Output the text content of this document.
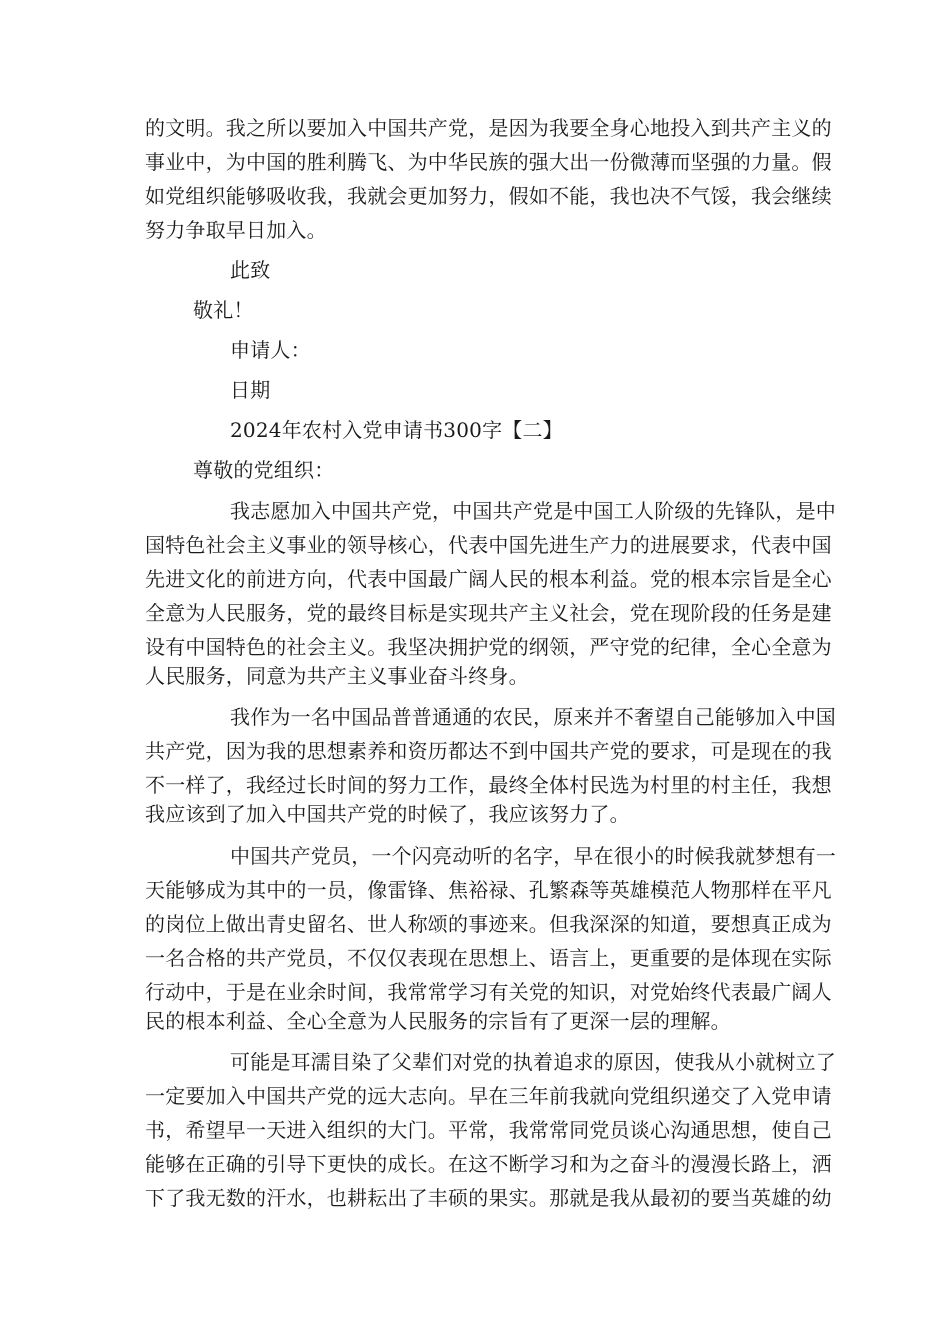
的文明。我之所以要加入中国共产党，是因为我要全身心地投入到共产主义的
事业中，为中国的胜利腾飞、为中华民族的强大出一份微薄而坚强的力量。假
如党组织能够吸收我，我就会更加努力，假如不能，我也决不气馁，我会继续
努力争取早日加入。
此致
敬礼！
申请人：
日期
2024年农村入党申请书300字【二】
尊敬的党组织：
我志愿加入中国共产党，中国共产党是中国工人阶级的先锋队，是中
国特色社会主义事业的领导核心，代表中国先进生产力的进展要求，代表中国
先进文化的前进方向，代表中国最广阔人民的根本利益。党的根本宗旨是全心
全意为人民服务，党的最终目标是实现共产主义社会，党在现阶段的任务是建
设有中国特色的社会主义。我坚决拥护党的纲领，严守党的纪律，全心全意为
人民服务，同意为共产主义事业奋斗终身。
我作为一名中国品普普通通的农民，原来并不奢望自己能够加入中国
共产党，因为我的思想素养和资历都达不到中国共产党的要求，可是现在的我
不一样了，我经过长时间的努力工作，最终全体村民选为村里的村主任，我想
我应该到了加入中国共产党的时候了，我应该努力了。
中国共产党员，一个闪亮动听的名字，早在很小的时候我就梦想有一
天能够成为其中的一员，像雷锋、焦裕禄、孔繁森等英雄模范人物那样在平凡
的岗位上做出青史留名、世人称颂的事迹来。但我深深的知道，要想真正成为
一名合格的共产党员，不仅仅表现在思想上、语言上，更重要的是体现在实际
行动中，于是在业余时间，我常常学习有关党的知识，对党始终代表最广阔人
民的根本利益、全心全意为人民服务的宗旨有了更深一层的理解。
可能是耳濡目染了父辈们对党的执着追求的原因，使我从小就树立了
一定要加入中国共产党的远大志向。早在三年前我就向党组织递交了入党申请
书，希望早一天进入组织的大门。平常，我常常同党员谈心沟通思想，使自己
能够在正确的引导下更快的成长。在这不断学习和为之奋斗的漫漫长路上，洒
下了我无数的汗水，也耕耘出了丰硕的果实。那就是我从最初的要当英雄的幼
